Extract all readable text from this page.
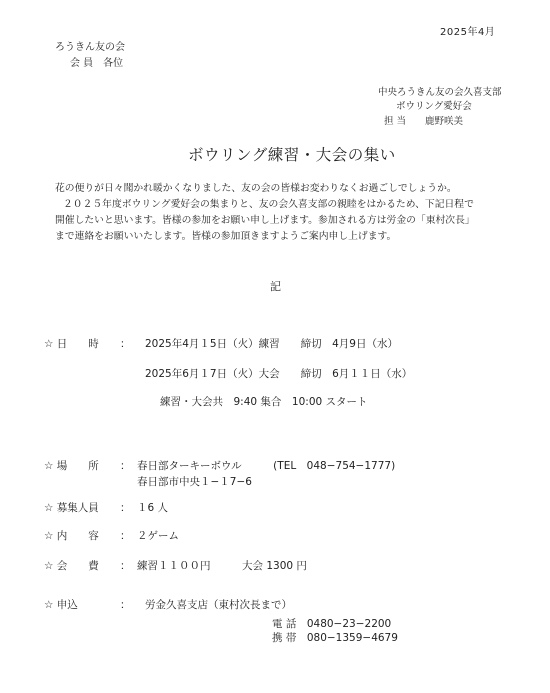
2025年4月
ろうきん友の会
会 員　各位
中央ろうきん友の会久喜支部
ボウリング愛好会
担 当　　鹿野咲美
ボウリング練習・大会の集い
花の便りが日々聞かれ暖かくなりました、友の会の皆様お変わりなくお過ごしでしょうか。
２０２５年度ボウリング愛好会の集まりと、友の会久喜支部の親睦をはかるため、下記日程で
開催したいと思います。皆様の参加をお願い申し上げます。参加される方は労金の「東村次長」
まで連絡をお願いいたします。皆様の参加頂きますようご案内申し上げます。
記
☆ 日　　時 ： 2025年4月１5日（火）練習　　締切　4月9日（水）
2025年6月１7日（火）大会　　締切　6月１１日（水）
練習・大会共　9:40 集合　10:00 スタート
☆ 場　　所 ： 春日部ターキーボウル　　　(TEL　048−754−1777)
春日部市中央１−１7−6
☆ 募集人員 ： １6 人
☆ 内　　容 ： ２ゲーム
☆ 会　　費 ： 練習１１００円　　　大会 1300 円
☆ 申込	： 労金久喜支店（東村次長まで）
電 話　0480−23−2200
携 帯　080−1359−4679
